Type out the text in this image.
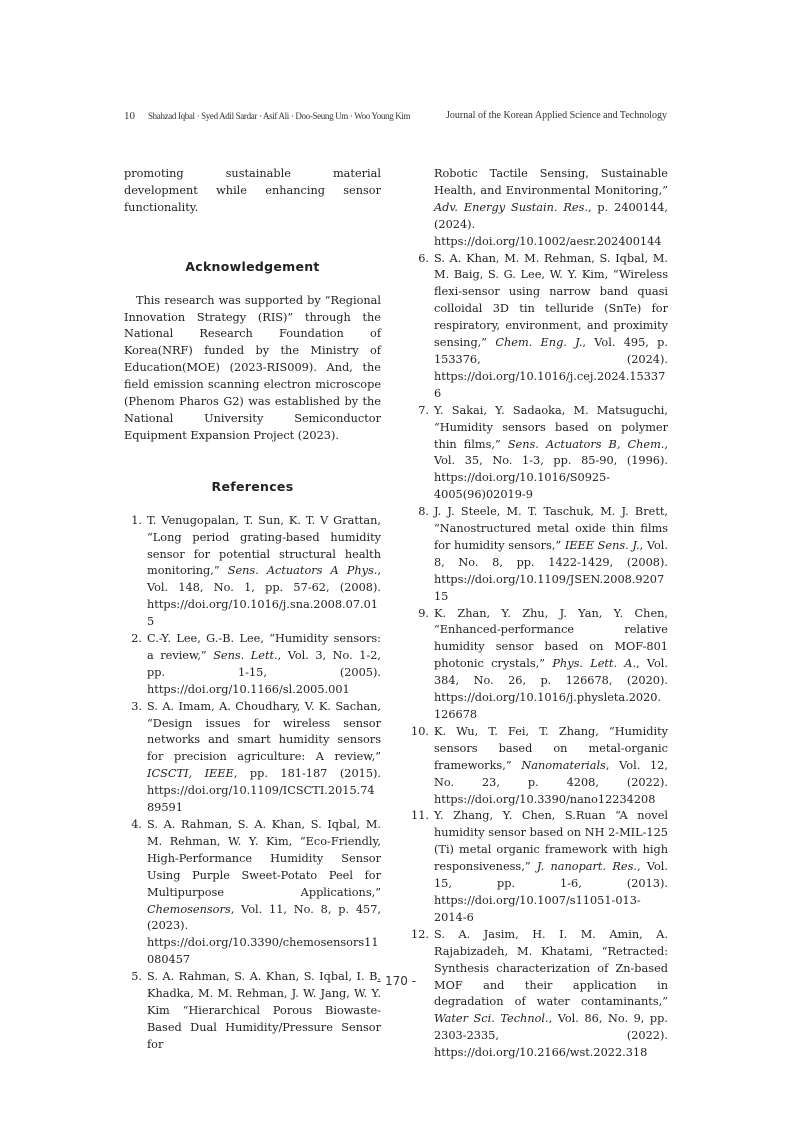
10 Shahzad Iqbal · Syed Adil Sardar · Asif Ali · Doo-Seung Um · Woo Young Kim	Journal of the Korean Applied Science and Technology

promoting sustainable material development while enhancing sensor functionality.

Acknowledgement

This research was supported by “Regional Innovation Strategy (RIS)” through the National Research Foundation of Korea(NRF) funded by the Ministry of Education(MOE) (2023-RIS009). And, the field emission scanning electron microscope (Phenom Pharos G2) was established by the National University Semiconductor Equipment Expansion Project (2023).

References

1. T. Venugopalan, T. Sun, K. T. V Grattan, “Long period grating-based humidity sensor for potential structural health monitoring,” Sens. Actuators A Phys., Vol. 148, No. 1, pp. 57-62, (2008). https://doi.org/10.1016/j.sna.2008.07.015

2. C.-Y. Lee, G.-B. Lee, “Humidity sensors: a review,” Sens. Lett., Vol. 3, No. 1-2, pp. 1-15, (2005). https://doi.org/10.1166/sl.2005.001

3. S. A. Imam, A. Choudhary, V. K. Sachan, “Design issues for wireless sensor networks and smart humidity sensors for precision agriculture: A review,” ICSCTI, IEEE, pp. 181-187 (2015). https://doi.org/10.1109/ICSCTI.2015.7489591

4. S. A. Rahman, S. A. Khan, S. Iqbal, M. M. Rehman, W. Y. Kim, “Eco-Friendly, High-Performance Humidity Sensor Using Purple Sweet-Potato Peel for Multipurpose Applications,” Chemosensors, Vol. 11, No. 8, p. 457, (2023). https://doi.org/10.3390/chemosensors11080457

5. S. A. Rahman, S. A. Khan, S. Iqbal, I. B. Khadka, M. M. Rehman, J. W. Jang, W. Y. Kim “Hierarchical Porous Biowaste-Based Dual Humidity/Pressure Sensor for

Robotic Tactile Sensing, Sustainable Health, and Environmental Monitoring,” Adv. Energy Sustain. Res., p. 2400144, (2024). https://doi.org/10.1002/aesr.202400144

6. S. A. Khan, M. M. Rehman, S. Iqbal, M. M. Baig, S. G. Lee, W. Y. Kim, “Wireless flexi-sensor using narrow band quasi colloidal 3D tin telluride (SnTe) for respiratory, environment, and proximity sensing,” Chem. Eng. J., Vol. 495, p. 153376, (2024). https://doi.org/10.1016/j.cej.2024.153376

7. Y. Sakai, Y. Sadaoka, M. Matsuguchi, “Humidity sensors based on polymer thin films,” Sens. Actuators B, Chem., Vol. 35, No. 1-3, pp. 85-90, (1996). https://doi.org/10.1016/S0925-4005(96)02019-9

8. J. J. Steele, M. T. Taschuk, M. J. Brett, “Nanostructured metal oxide thin films for humidity sensors,” IEEE Sens. J., Vol. 8, No. 8, pp. 1422-1429, (2008). https://doi.org/10.1109/JSEN.2008.920715

9. K. Zhan, Y. Zhu, J. Yan, Y. Chen, “Enhanced-performance relative humidity sensor based on MOF-801 photonic crystals,” Phys. Lett. A., Vol. 384, No. 26, p. 126678, (2020). https://doi.org/10.1016/j.physleta.2020.126678

10. K. Wu, T. Fei, T. Zhang, “Humidity sensors based on metal-organic frameworks,” Nanomaterials, Vol. 12, No. 23, p. 4208, (2022). https://doi.org/10.3390/nano12234208

11. Y. Zhang, Y. Chen, S.Ruan “A novel humidity sensor based on NH 2-MIL-125 (Ti) metal organic framework with high responsiveness,” J. nanopart. Res., Vol. 15, pp. 1-6, (2013). https://doi.org/10.1007/s11051-013-2014-6

12. S. A. Jasim, H. I. M. Amin, A. Rajabizadeh, M. Khatami, “Retracted: Synthesis characterization of Zn-based MOF and their application in degradation of water contaminants,” Water Sci. Technol., Vol. 86, No. 9, pp. 2303-2335, (2022). https://doi.org/10.2166/wst.2022.318

- 170 -
